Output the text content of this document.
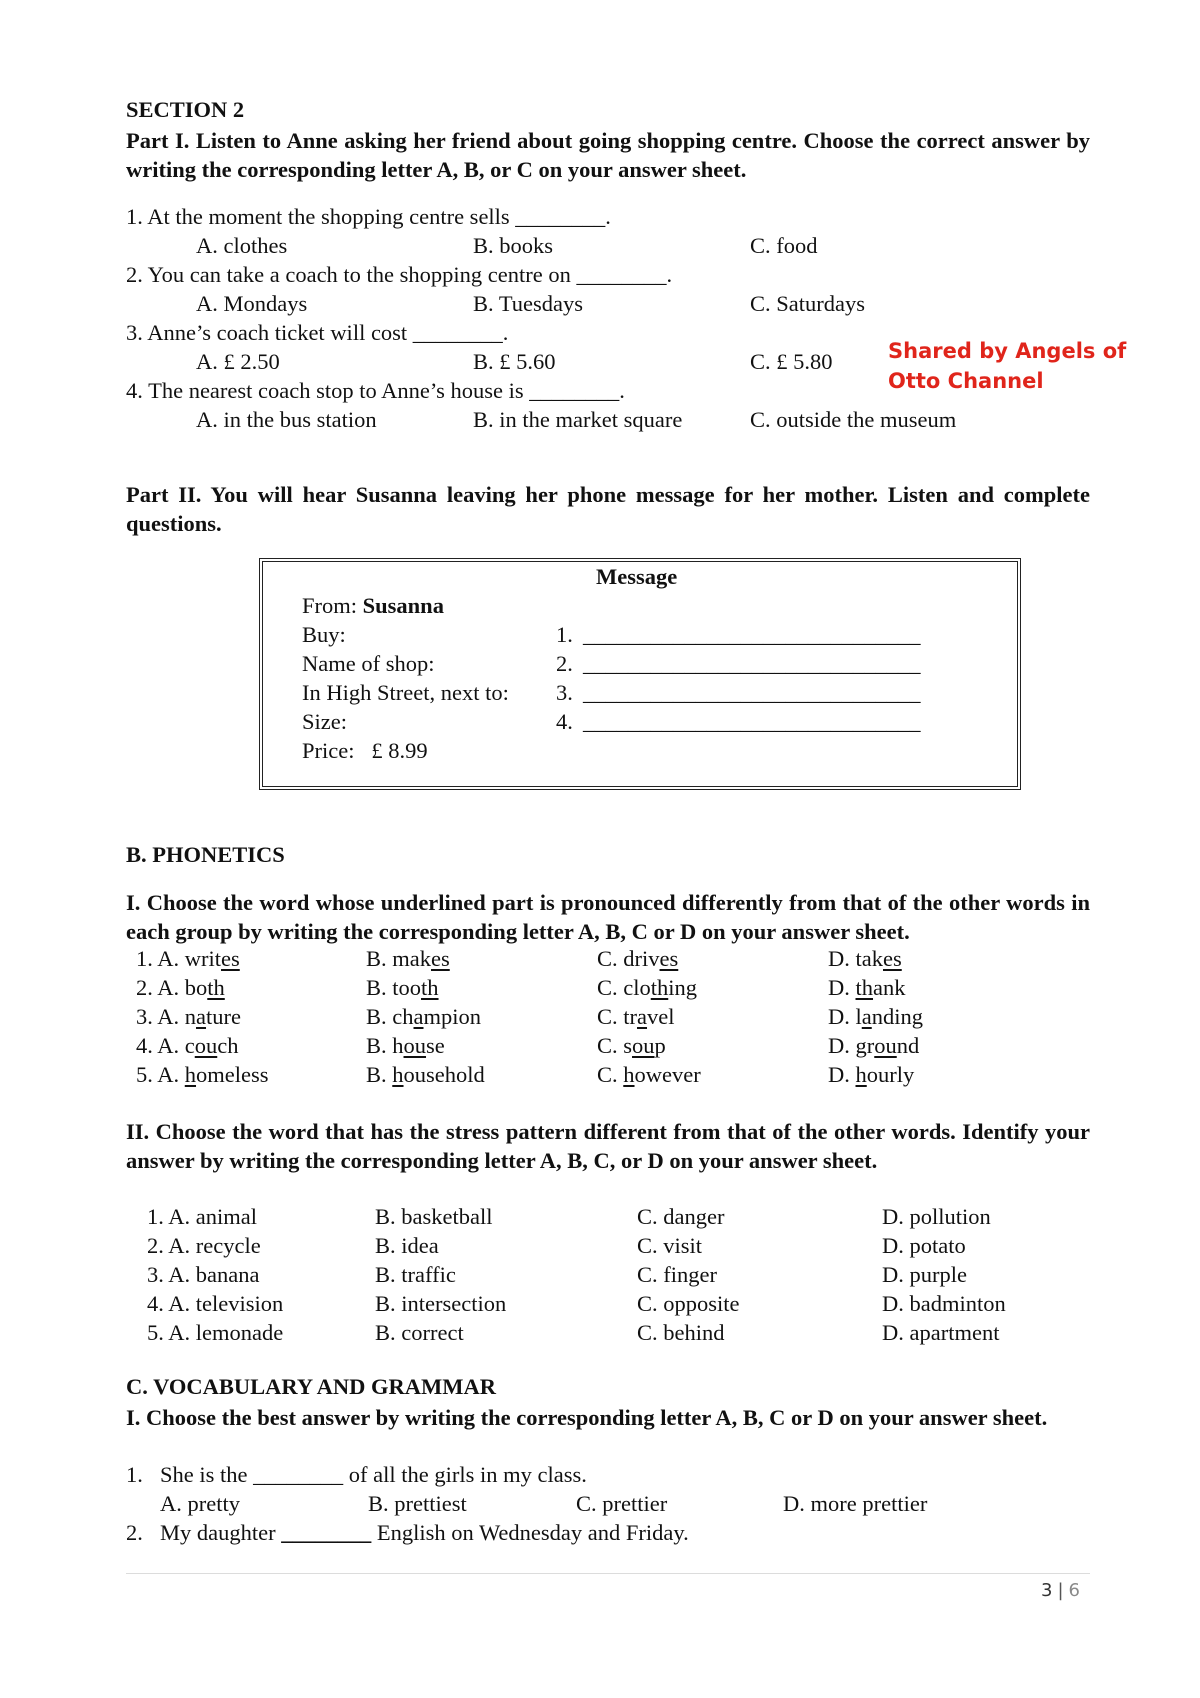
SECTION 2
Part I. Listen to Anne asking her friend about going shopping centre. Choose the correct answer by writing the corresponding letter A, B, or C on your answer sheet.
1. At the moment the shopping centre sells ________.
A. clothes	B. books	C. food
2. You can take a coach to the shopping centre on ________.
A. Mondays	B. Tuesdays	C. Saturdays
3. Anne’s coach ticket will cost ________.
A. £ 2.50	B. £ 5.60	C. £ 5.80
4. The nearest coach stop to Anne’s house is ________.
A. in the bus station	B. in the market square	C. outside the museum
Shared by Angels of
Otto Channel
Part II. You will hear Susanna leaving her phone message for her mother. Listen and complete questions.
Message
From: Susanna
Buy:	1. ______________________________
Name of shop:	2. ______________________________
In High Street, next to: 3. ______________________________
Size:	4. ______________________________
Price: £ 8.99
B. PHONETICS
I. Choose the word whose underlined part is pronounced differently from that of the other words in each group by writing the corresponding letter A, B, C or D on your answer sheet.
1. A. writes	B. makes	C. drives	D. takes
2. A. both	B. tooth	C. clothing	D. thank
3. A. nature	B. champion	C. travel	D. landing
4. A. couch	B. house	C. soup	D. ground
5. A. homeless	B. household	C. however	D. hourly
II. Choose the word that has the stress pattern different from that of the other words. Identify your answer by writing the corresponding letter A, B, C, or D on your answer sheet.
1. A. animal	B. basketball	C. danger	D. pollution
2. A. recycle	B. idea	C. visit	D. potato
3. A. banana	B. traffic	C. finger	D. purple
4. A. television	B. intersection	C. opposite	D. badminton
5. A. lemonade	B. correct	C. behind	D. apartment
C. VOCABULARY AND GRAMMAR
I. Choose the best answer by writing the corresponding letter A, B, C or D on your answer sheet.
1. She is the ________ of all the girls in my class.
A. pretty	B. prettiest	C. prettier	D. more prettier
2. My daughter ________ English on Wednesday and Friday.
3 | 6
